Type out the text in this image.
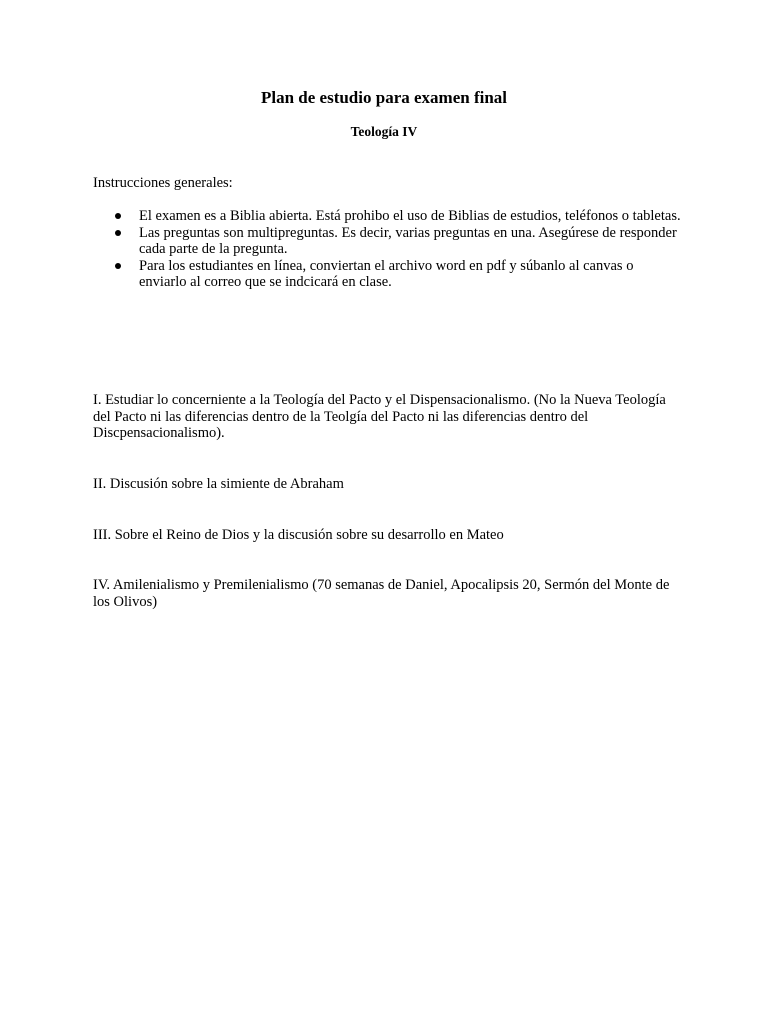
Plan de estudio para examen final
Teología IV
Instrucciones generales:
El examen es a Biblia abierta. Está prohibo el uso de Biblias de estudios, teléfonos o tabletas.
Las preguntas son multipreguntas. Es decir, varias preguntas en una. Asegúrese de responder cada parte de la pregunta.
Para los estudiantes en línea, conviertan el archivo word en pdf y súbanlo al canvas o enviarlo al correo que se indcicará en clase.

I. Estudiar lo concerniente a la Teología del Pacto y el Dispensacionalismo. (No la Nueva Teología del Pacto ni las diferencias dentro de la Teolgía del Pacto ni las diferencias dentro del Discpensacionalismo).

II. Discusión sobre la simiente de Abraham

III. Sobre el Reino de Dios y la discusión sobre su desarrollo en Mateo

IV. Amilenialismo y Premilenialismo (70 semanas de Daniel, Apocalipsis 20, Sermón del Monte de los Olivos)
